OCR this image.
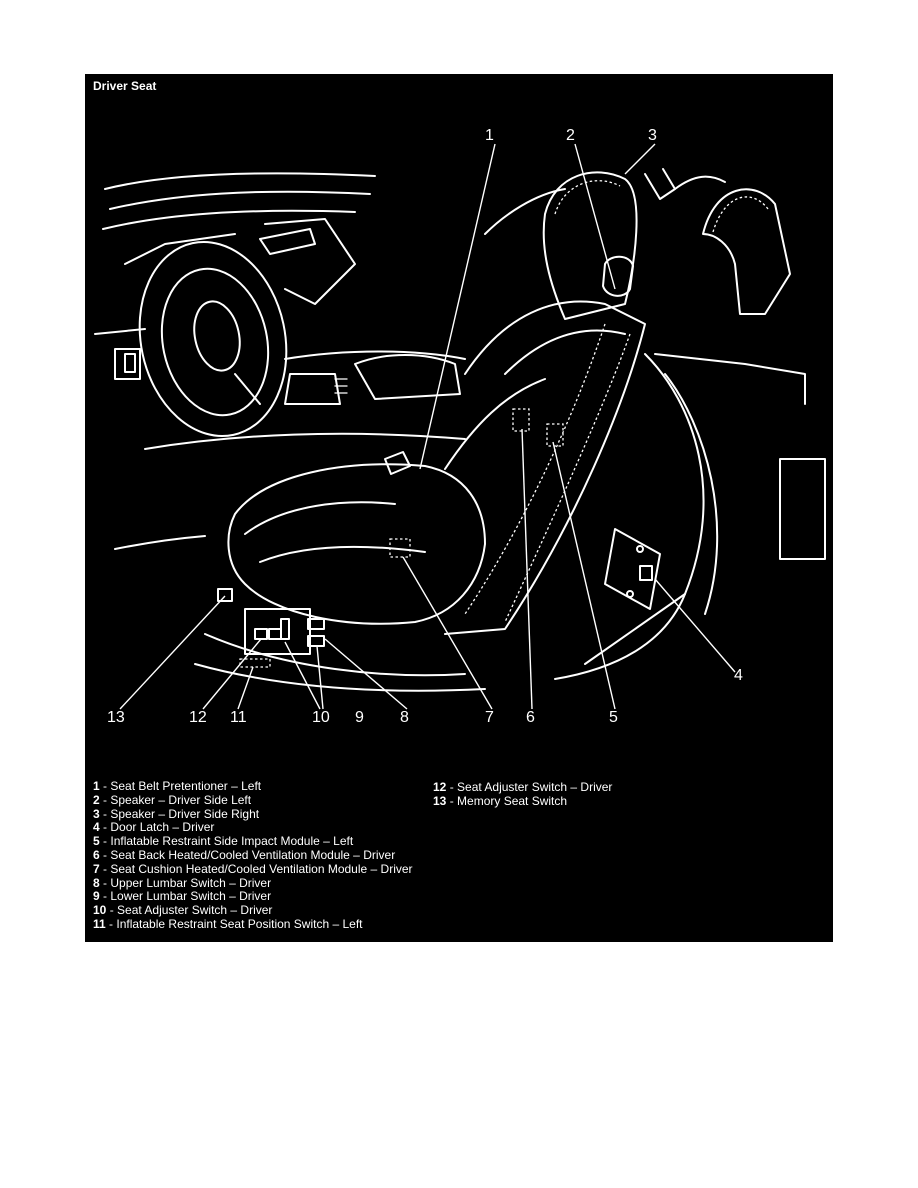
Driver Seat
1	2	3
4
5
6
7
8
9
10
11
12
13
1 - Seat Belt Pretentioner – Left
2 - Speaker – Driver Side Left
3 - Speaker – Driver Side Right
4 - Door Latch – Driver
5 - Inflatable Restraint Side Impact Module – Left
6 - Seat Back Heated/Cooled Ventilation Module – Driver
7 - Seat Cushion Heated/Cooled Ventilation Module – Driver
8 - Upper Lumbar Switch – Driver
9 - Lower Lumbar Switch – Driver
10 - Seat Adjuster Switch – Driver
11 - Inflatable Restraint Seat Position Switch – Left
12 - Seat Adjuster Switch – Driver
13 - Memory Seat Switch
